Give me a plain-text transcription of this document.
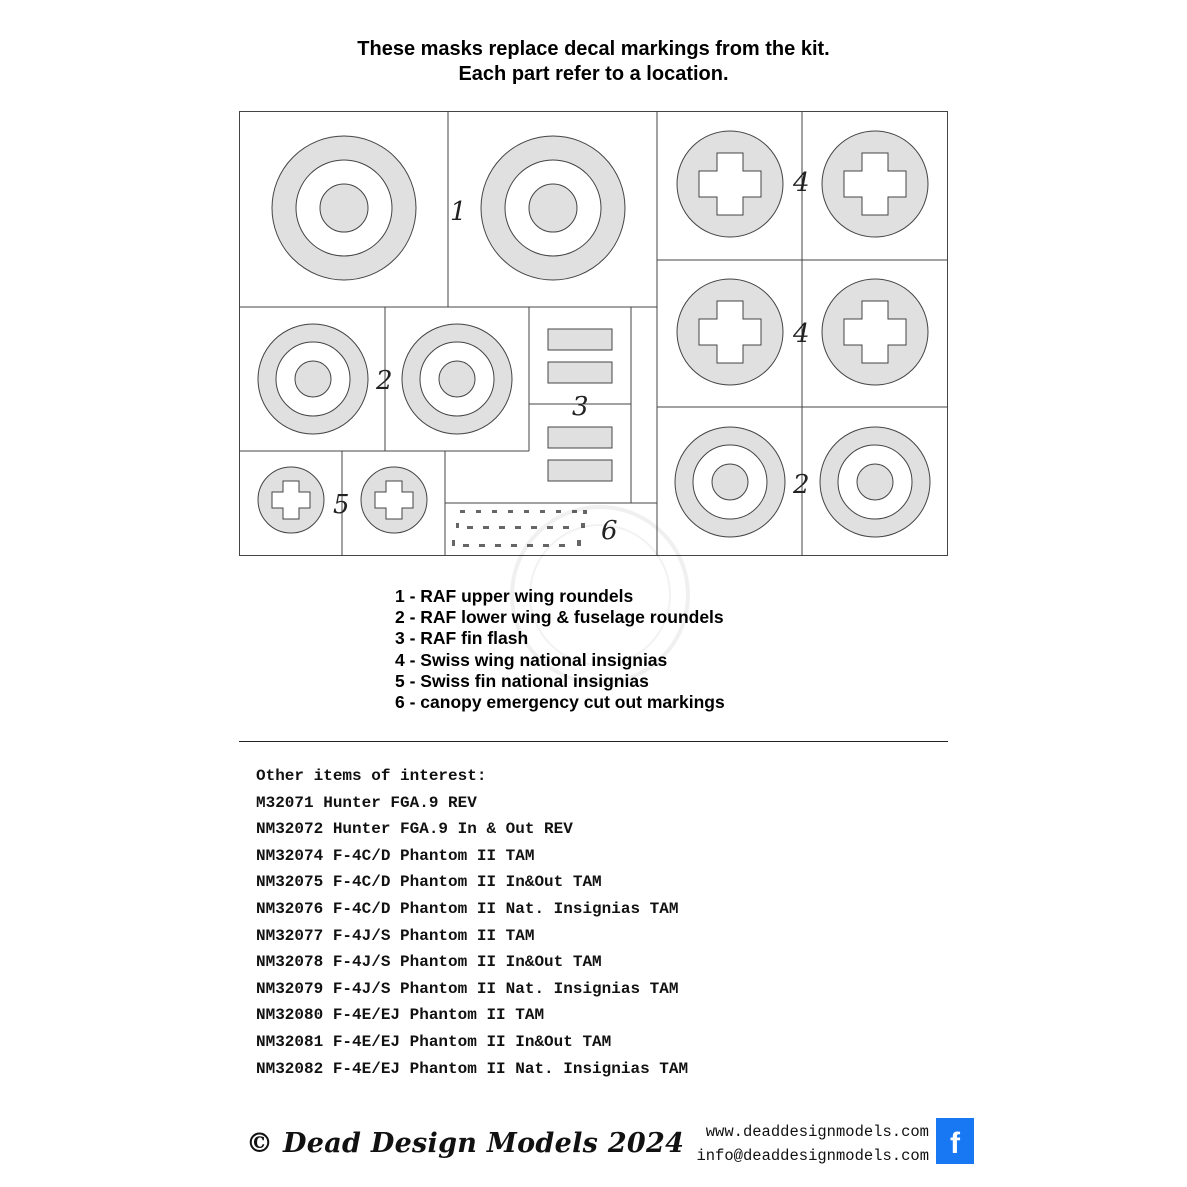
These masks replace decal markings from the kit.
Each part refer to a location.
1
2
3
4
4
2
5
6
1 - RAF upper wing roundels
2 - RAF lower wing & fuselage roundels
3 - RAF fin flash
4 - Swiss wing national insignias
5 - Swiss fin national insignias
6 - canopy emergency cut out markings
Other items of interest:
M32071 Hunter FGA.9 REV
NM32072 Hunter FGA.9 In & Out REV
NM32074 F-4C/D Phantom II TAM
NM32075 F-4C/D Phantom II In&Out TAM
NM32076 F-4C/D Phantom II Nat. Insignias TAM
NM32077 F-4J/S Phantom II TAM
NM32078 F-4J/S Phantom II In&Out TAM
NM32079 F-4J/S Phantom II Nat. Insignias TAM
NM32080 F-4E/EJ Phantom II TAM
NM32081 F-4E/EJ Phantom II In&Out TAM
NM32082 F-4E/EJ Phantom II Nat. Insignias TAM
© Dead Design Models 2024	www.deaddesignmodels.com
info@deaddesignmodels.com f
